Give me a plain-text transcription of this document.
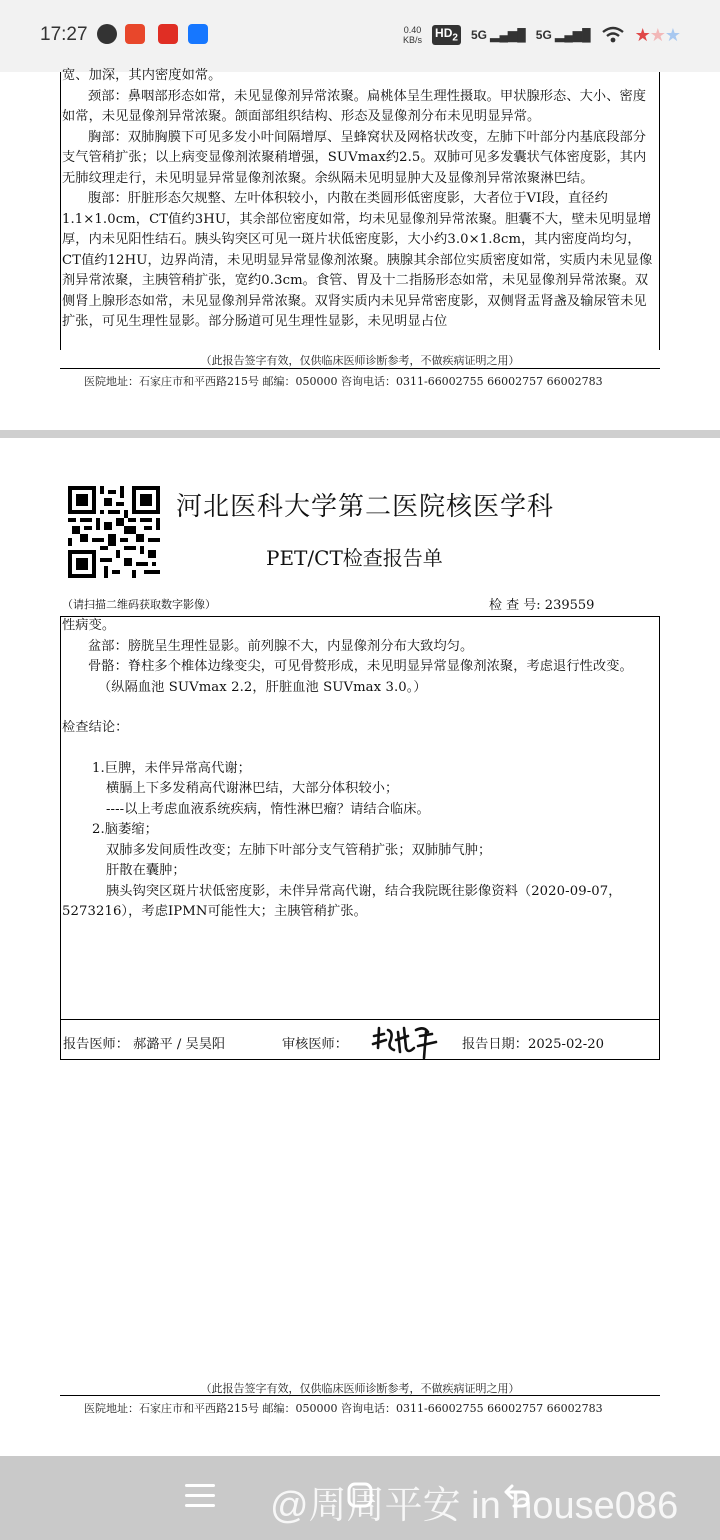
17:27	0.40
KB/s $HD_2$ 5G ▂▄▆█ 5G ▂▄▆█ ★★★

宽、加深，其内密度如常。

颈部：鼻咽部形态如常，未见显像剂异常浓聚。扁桃体呈生理性摄取。甲状腺形态、大小、密度如常，未见显像剂异常浓聚。颌面部组织结构、形态及显像剂分布未见明显异常。

胸部：双肺胸膜下可见多发小叶间隔增厚、呈蜂窝状及网格状改变，左肺下叶部分内基底段部分支气管稍扩张；以上病变显像剂浓聚稍增强，SUVmax约2.5。双肺可见多发囊状气体密度影，其内无肺纹理走行，未见明显异常显像剂浓聚。余纵隔未见明显肿大及显像剂异常浓聚淋巴结。

腹部：肝脏形态欠规整、左叶体积较小，内散在类圆形低密度影，大者位于VI段，直径约1.1×1.0cm，CT值约3HU，其余部位密度如常，均未见显像剂异常浓聚。胆囊不大，壁未见明显增厚，内未见阳性结石。胰头钩突区可见一斑片状低密度影，大小约3.0×1.8cm，其内密度尚均匀，CT值约12HU，边界尚清，未见明显异常显像剂浓聚。胰腺其余部位实质密度如常，实质内未见显像剂异常浓聚，主胰管稍扩张，宽约0.3cm。食管、胃及十二指肠形态如常，未见显像剂异常浓聚。双侧肾上腺形态如常，未见显像剂异常浓聚。双肾实质内未见异常密度影，双侧肾盂肾盏及输尿管未见扩张，可见生理性显影。部分肠道可见生理性显影，未见明显占位

（此报告签字有效，仅供临床医师诊断参考，不做疾病证明之用）
医院地址：石家庄市和平西路215号 邮编：050000 咨询电话：0311-66002755 66002757 66002783
河北医科大学第二医院核医学科
PET/CT检查报告单
（请扫描二维码获取数字影像）	检 查 号: 239559

性病变。

盆部：膀胱呈生理性显影。前列腺不大，内显像剂分布大致均匀。

骨骼：脊柱多个椎体边缘变尖，可见骨赘形成，未见明显异常显像剂浓聚，考虑退行性改变。

（纵隔血池 SUVmax 2.2，肝脏血池 SUVmax 3.0。）

检查结论：

1.巨脾，未伴异常高代谢；

横膈上下多发稍高代谢淋巴结，大部分体积较小；

----以上考虑血液系统疾病，惰性淋巴瘤？请结合临床。

2.脑萎缩；

双肺多发间质性改变；左肺下叶部分支气管稍扩张；双肺肺气肿；

肝散在囊肿；

胰头钩突区斑片状低密度影，未伴异常高代谢，结合我院既往影像资料（2020-09-07，5273216），考虑IPMN可能性大；主胰管稍扩张。

报告医师： 郝潞平 / 吴昊阳	审核医师：	报告日期：2025-02-20
（此报告签字有效，仅供临床医师诊断参考，不做疾病证明之用）
医院地址：石家庄市和平西路215号 邮编：050000 咨询电话：0311-66002755 66002757 66002783
@周周平安 in house086
